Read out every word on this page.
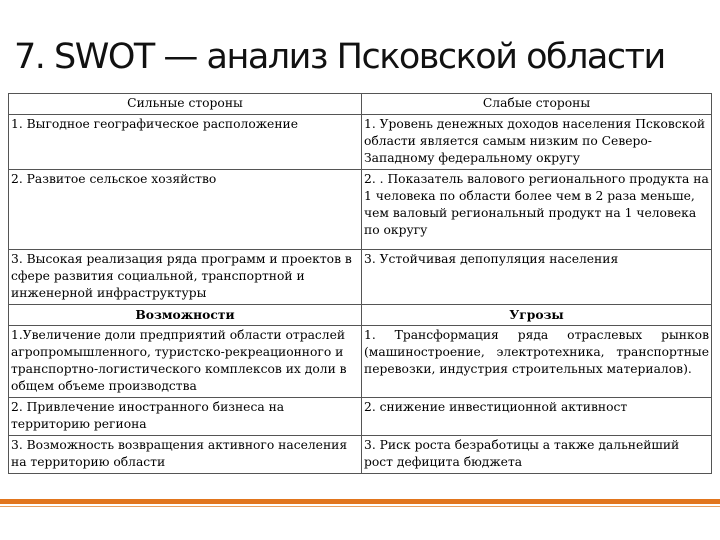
7. SWOT — анализ Псковской области
Сильные стороны	Слабые стороны
1. Выгодное географическое расположение	1. Уровень денежных доходов населения Псковской области является самым низким по Северо-Западному федеральному округу
2. Развитое сельское хозяйство	2. . Показатель валового регионального продукта на 1 человека по области более чем в 2 раза меньше, чем валовый региональный продукт на 1 человека по округу
3. Высокая реализация ряда программ и проектов в сфере развития социальной, транспортной и инженерной инфраструктуры	3. Устойчивая депопуляция населения
Возможности	Угрозы
1.Увеличение доли предприятий области отраслей агропромышленного, туристско-рекреационного и транспортно-логистического комплексов их доли в общем объеме производства	1. Трансформация ряда отраслевых рынков (машиностроение, электротехника, транспортные перевозки, индустрия строительных материалов).
2. Привлечение иностранного бизнеса на территорию региона	2. снижение инвестиционной активност
3. Возможность возвращения активного населения на территорию области	3. Риск роста безработицы а также дальнейший рост дефицита бюджета
